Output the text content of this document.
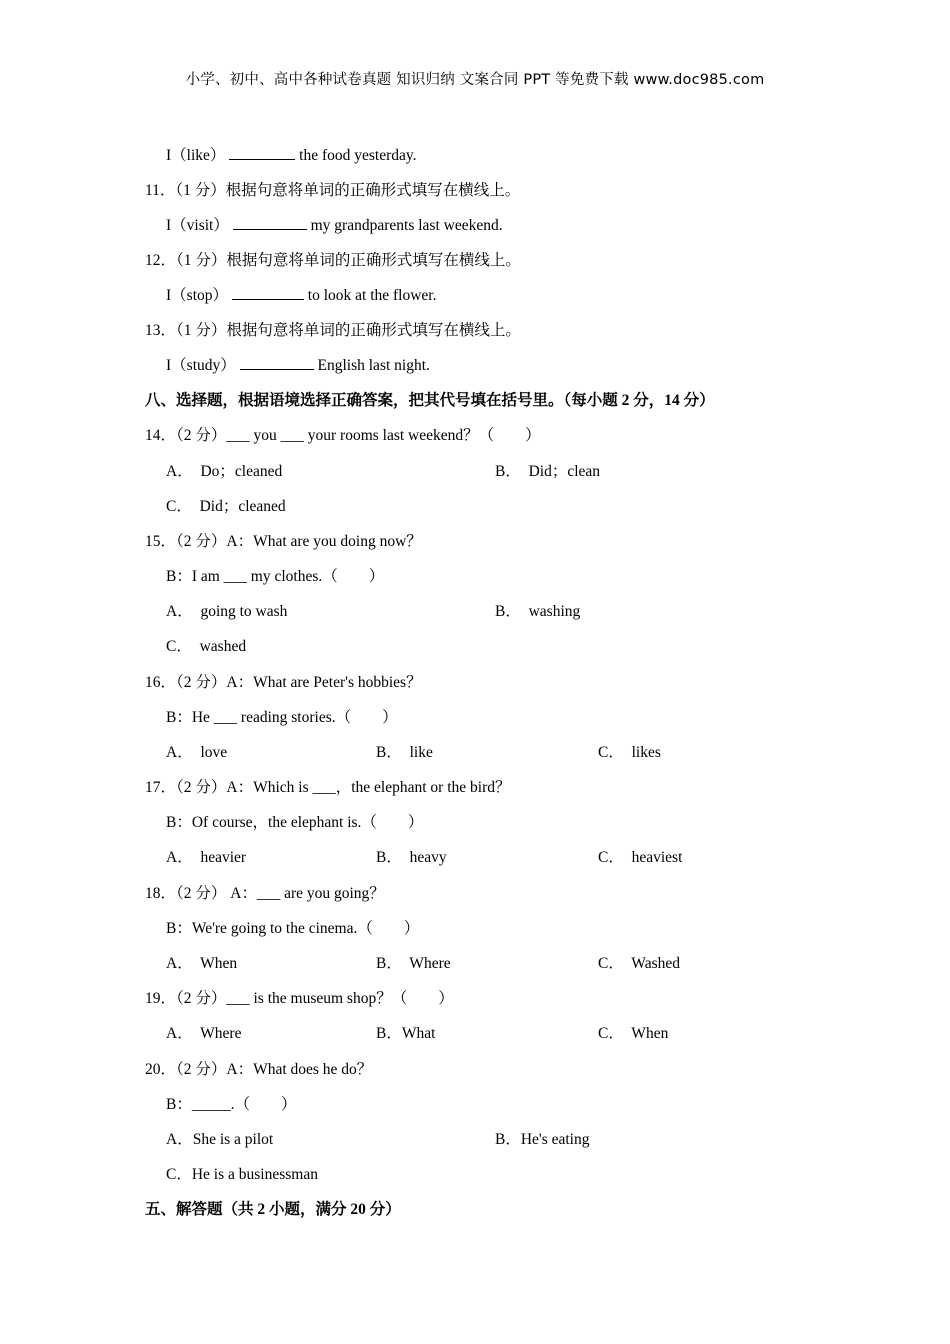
小学、初中、高中各种试卷真题 知识归纳 文案合同 PPT 等免费下载 www.doc985.com
I（like）	the food yesterday.
11．（1 分）根据句意将单词的正确形式填写在横线上。
I（visit）	my grandparents last weekend.
12．（1 分）根据句意将单词的正确形式填写在横线上。
I（stop）	to look at the flower.
13．（1 分）根据句意将单词的正确形式填写在横线上。
I（study）	English last night.
八、选择题，根据语境选择正确答案，把其代号填在括号里。（每小题 2 分，14 分）
14．（2 分）___ you ___ your rooms last weekend？（　　）
A．  Do；cleaned	B．  Did；clean
C．  Did；cleaned
15．（2 分）A：What are you doing now？
B：I am ___ my clothes.（　　）
A．  going to wash	B．  washing
C．  washed
16．（2 分）A：What are Peter's hobbies？
B：He ___ reading stories.（　　）
A．  love	B．  like	C．  likes
17．（2 分）A：Which is ___，the elephant or the bird？
B：Of course，the elephant is.（　　）
A．  heavier	B．  heavy	C．  heaviest
18．（2 分） A：___ are you going？
B：We're going to the cinema.（　　）
A．  When	B．  Where	C．  Washed
19．（2 分）___ is the museum shop？（　　）
A．  Where	B．What	C．  When
20．（2 分）A：What does he do？
B：_____.（　　）
A．She is a pilot	B．He's eating
C．He is a businessman
五、解答题（共 2 小题，满分 20 分）
